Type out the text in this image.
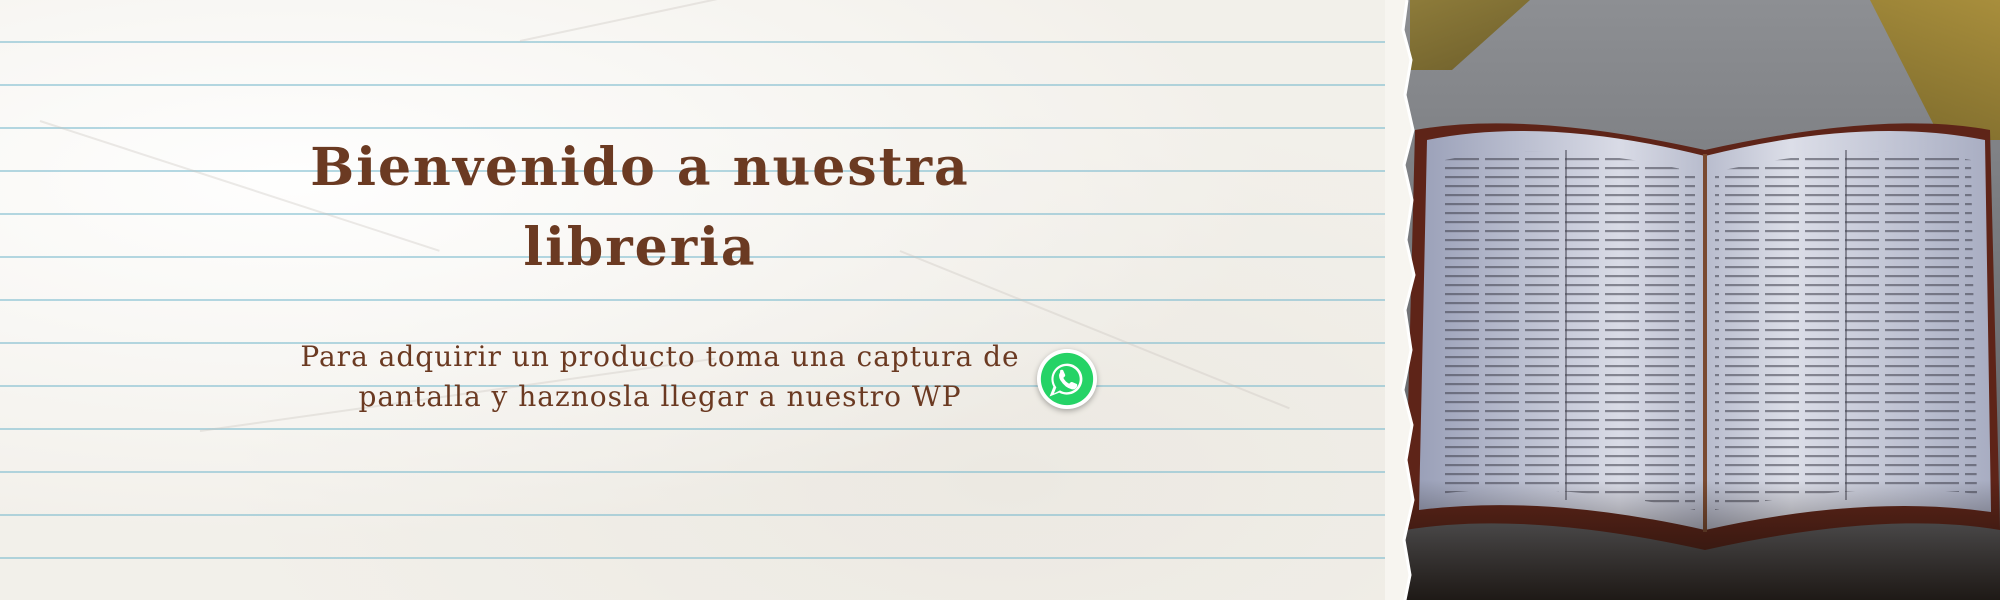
Bienvenido a nuestra libreria

Para adquirir un producto toma una captura de pantalla y haznosla llegar a nuestro WP
